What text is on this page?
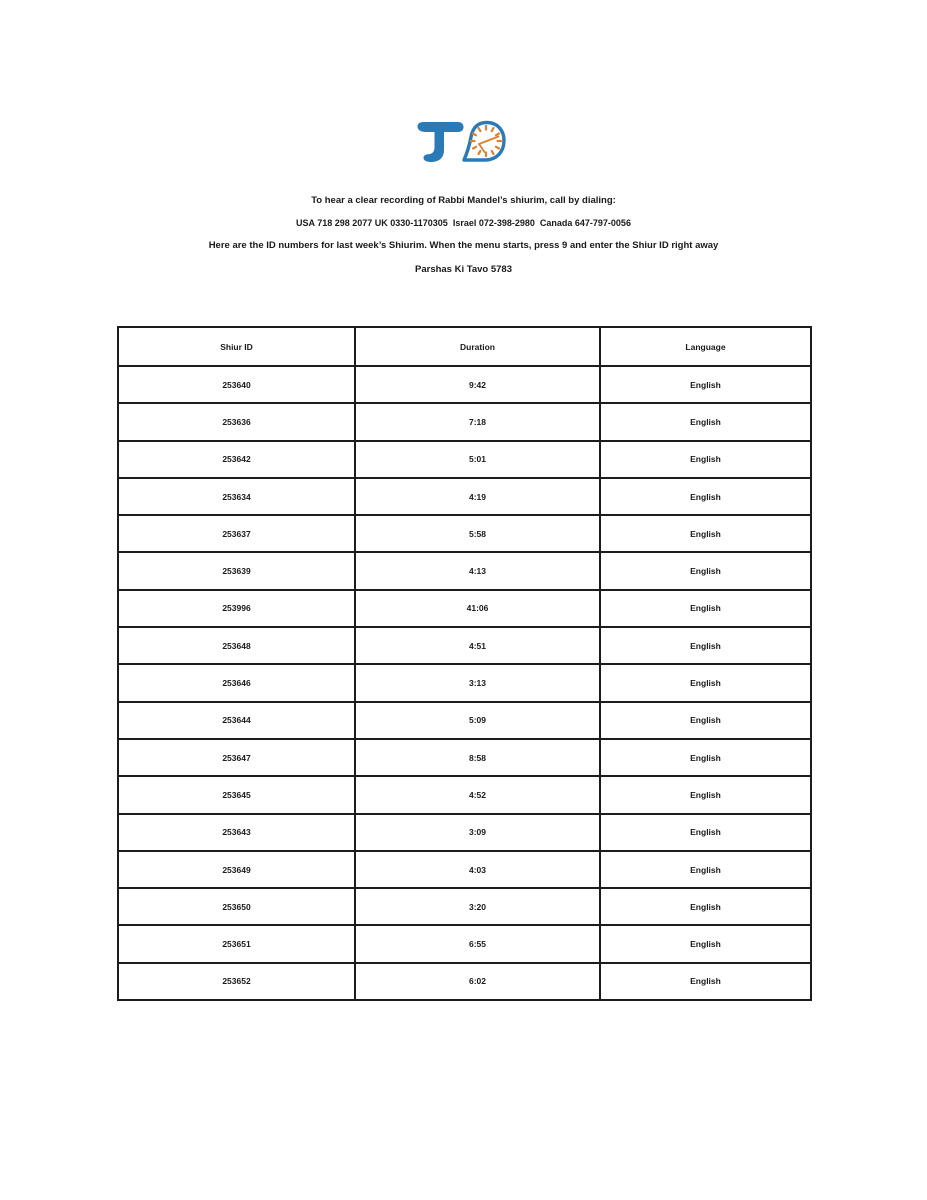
To hear a clear recording of Rabbi Mandel’s shiurim, call by dialing:
USA 718 298 2077 UK 0330-1170305  Israel 072-398-2980  Canada 647-797-0056
Here are the ID numbers for last week’s Shiurim. When the menu starts, press 9 and enter the Shiur ID right away
Parshas Ki Tavo 5783
Shiur ID	Duration	Language
253640	9:42	English
253636	7:18	English
253642	5:01	English
253634	4:19	English
253637	5:58	English
253639	4:13	English
253996	41:06	English
253648	4:51	English
253646	3:13	English
253644	5:09	English
253647	8:58	English
253645	4:52	English
253643	3:09	English
253649	4:03	English
253650	3:20	English
253651	6:55	English
253652	6:02	English
